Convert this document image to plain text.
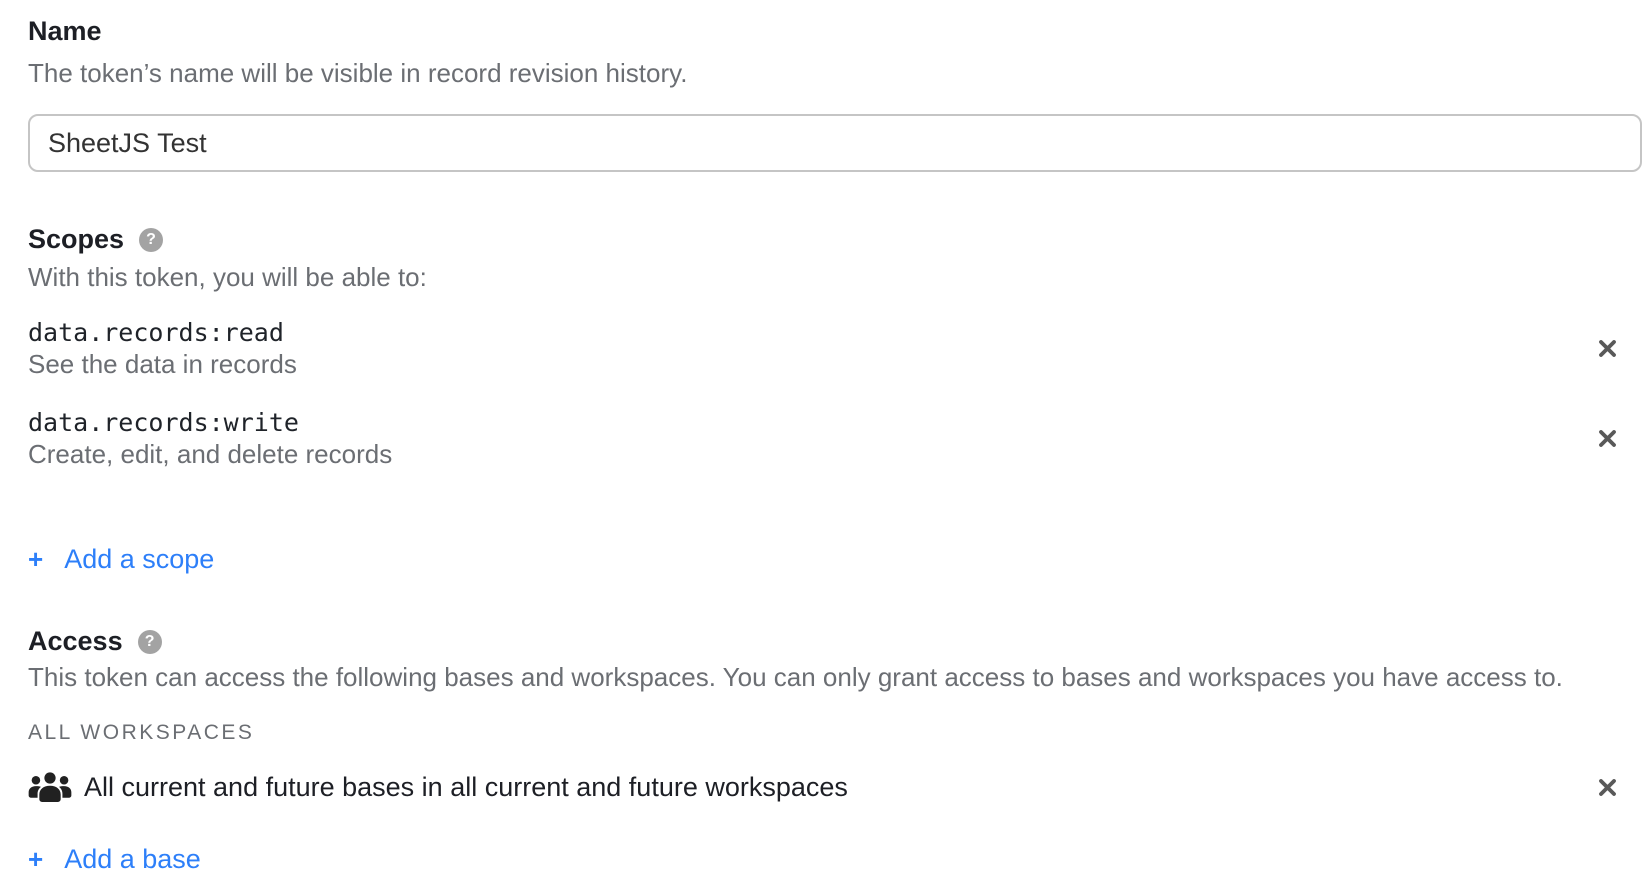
Name

The token’s name will be visible in record revision history.

SheetJS Test
Scopes ?

With this token, you will be able to:

data.records:read
See the data in records
data.records:write
Create, edit, and delete records
+ Add a scope
Access ?

This token can access the following bases and workspaces. You can only grant access to bases and workspaces you have access to.

ALL WORKSPACES
All current and future bases in all current and future workspaces
+ Add a base
